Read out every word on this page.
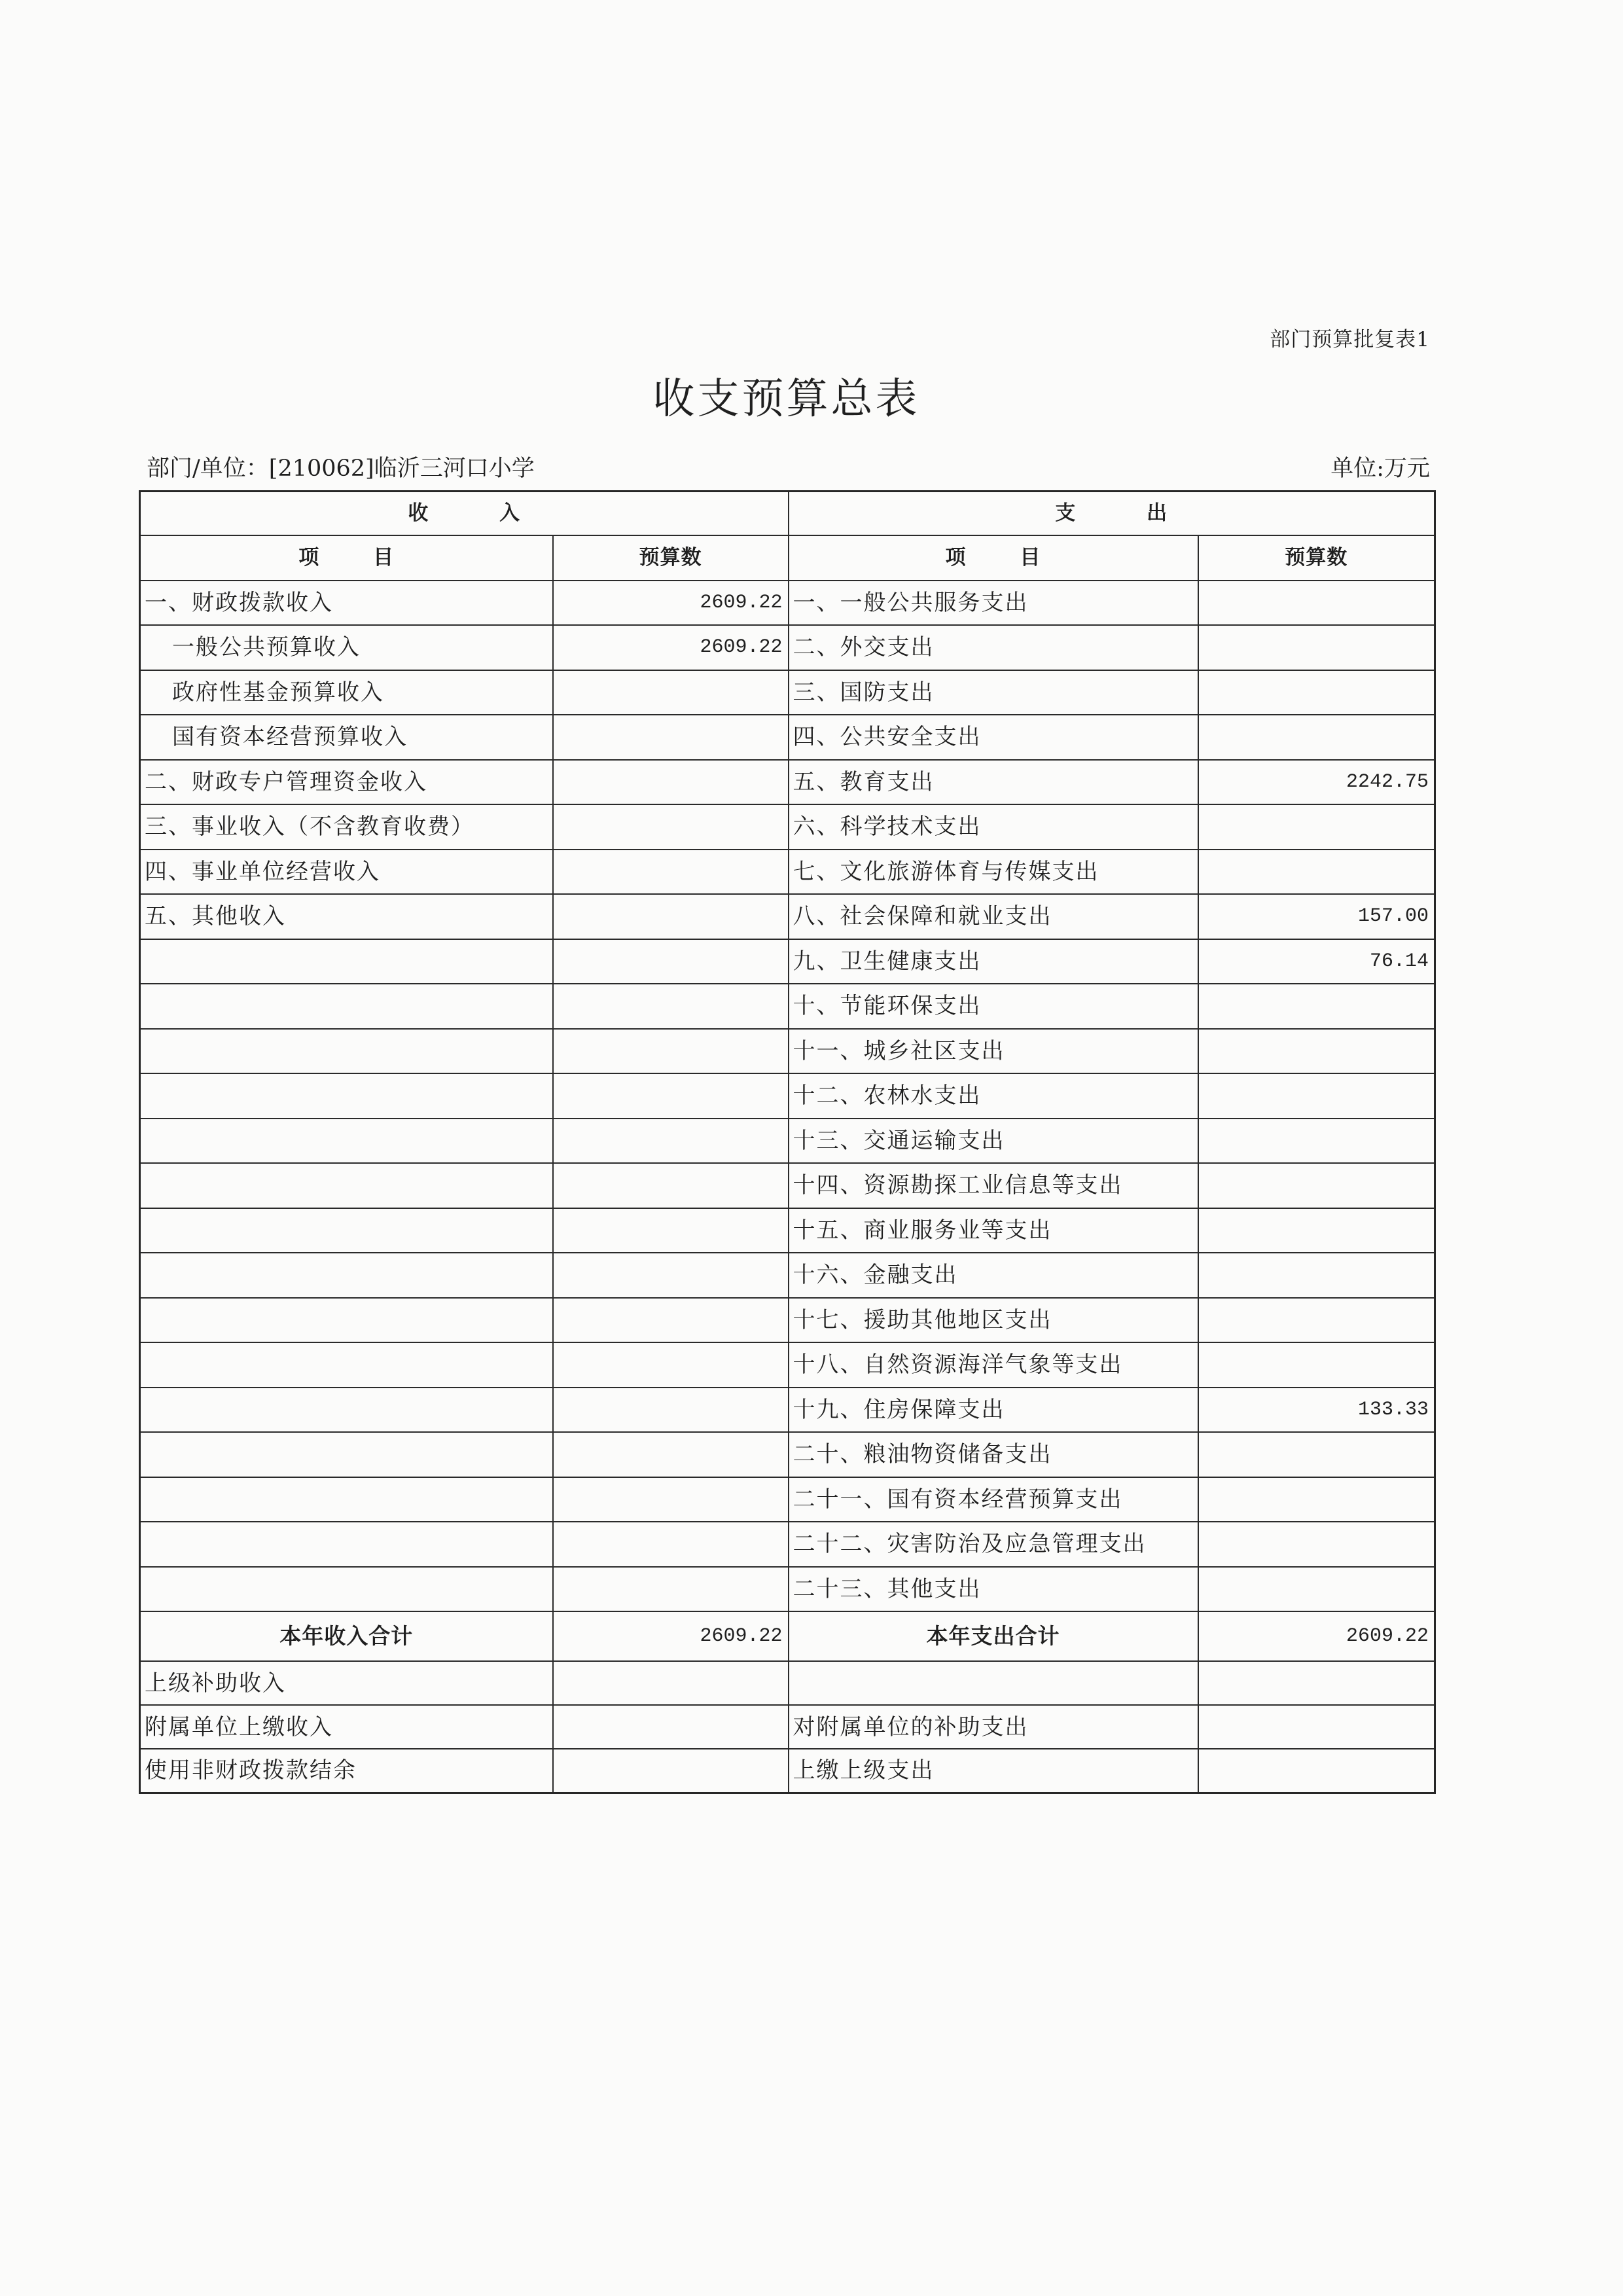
部门预算批复表1
收支预算总表
部门/单位：[210062]临沂三河口小学	单位:万元
收 入		支 出	
项 目	预算数	项 目	预算数
一、财政拨款收入	2609.22	一、一般公共服务支出	
一般公共预算收入	2609.22	二、外交支出	
政府性基金预算收入		三、国防支出	
国有资本经营预算收入		四、公共安全支出	
二、财政专户管理资金收入		五、教育支出	2242.75
三、事业收入（不含教育收费）		六、科学技术支出	
四、事业单位经营收入		七、文化旅游体育与传媒支出	
五、其他收入		八、社会保障和就业支出	157.00
		九、卫生健康支出	76.14
		十、节能环保支出	
		十一、城乡社区支出	
		十二、农林水支出	
		十三、交通运输支出	
		十四、资源勘探工业信息等支出	
		十五、商业服务业等支出	
		十六、金融支出	
		十七、援助其他地区支出	
		十八、自然资源海洋气象等支出	
		十九、住房保障支出	133.33
		二十、粮油物资储备支出	
		二十一、国有资本经营预算支出	
		二十二、灾害防治及应急管理支出	
		二十三、其他支出	
本年收入合计	2609.22	本年支出合计	2609.22
上级补助收入			
附属单位上缴收入		对附属单位的补助支出	
使用非财政拨款结余		上缴上级支出	
